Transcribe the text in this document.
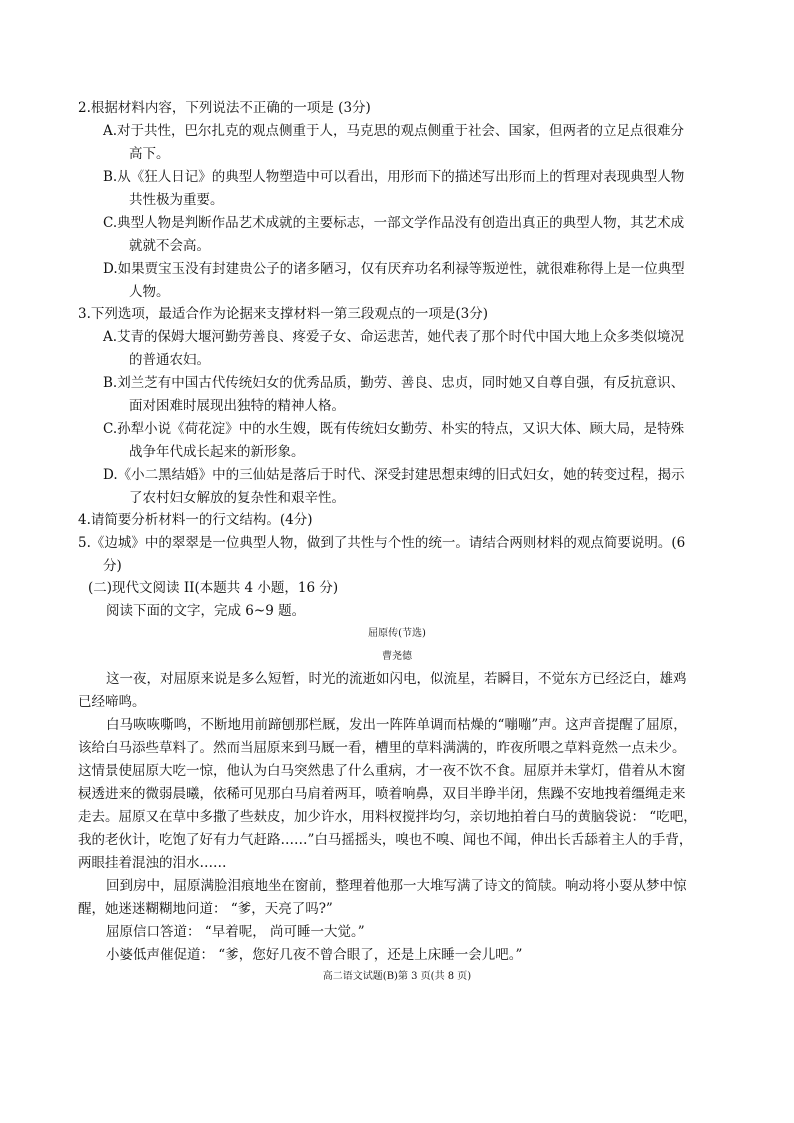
2.根据材料内容，下列说法不正确的一项是 (3分)
A.对于共性，巴尔扎克的观点侧重于人，马克思的观点侧重于社会、国家，但两者的立足点很难分
高下。
B.从《狂人日记》的典型人物塑造中可以看出，用形而下的描述写出形而上的哲理对表现典型人物
共性极为重要。
C.典型人物是判断作品艺术成就的主要标志，一部文学作品没有创造出真正的典型人物，其艺术成
就就不会高。
D.如果贾宝玉没有封建贵公子的诸多陋习，仅有厌弃功名利禄等叛逆性，就很难称得上是一位典型
人物。
3.下列选项，最适合作为论据来支撑材料一第三段观点的一项是(3分)
A.艾青的保姆大堰河勤劳善良、疼爱子女、命运悲苦，她代表了那个时代中国大地上众多类似境况
的普通农妇。
B.刘兰芝有中国古代传统妇女的优秀品质，勤劳、善良、忠贞，同时她又自尊自强，有反抗意识、
面对困难时展现出独特的精神人格。
C.孙犁小说《荷花淀》中的水生嫂，既有传统妇女勤劳、朴实的特点，又识大体、顾大局，是特殊
战争年代成长起来的新形象。
D.《小二黑结婚》中的三仙姑是落后于时代、深受封建思想束缚的旧式妇女，她的转变过程，揭示
了农村妇女解放的复杂性和艰辛性。
4.请简要分析材料一的行文结构。(4分)
5.《边城》中的翠翠是一位典型人物，做到了共性与个性的统一。请结合两则材料的观点简要说明。(6
分)
(二)现代文阅读 II(本题共 4 小题，16 分)
阅读下面的文字，完成 6~9 题。
屈原传(节选)
曹尧德
这一夜，对屈原来说是多么短暂，时光的流逝如闪电，似流星，若瞬目，不觉东方已经泛白，雄鸡
已经啼鸣。
白马咴咴嘶鸣，不断地用前蹄刨那栏厩，发出一阵阵单调而枯燥的“嘣嘣”声。这声音提醒了屈原，
该给白马添些草料了。然而当屈原来到马厩一看，槽里的草料满满的，昨夜所喂之草料竟然一点未少。
这情景使屈原大吃一惊，他认为白马突然患了什么重病，才一夜不饮不食。屈原并未掌灯，借着从木窗
棂透进来的微弱晨曦，依稀可见那白马肩着两耳，喷着响鼻，双目半睁半闭，焦躁不安地拽着缰绳走来
走去。屈原又在草中多撒了些麸皮，加少许水，用料杈搅拌均匀，亲切地拍着白马的黄脑袋说： “吃吧，
我的老伙计，吃饱了好有力气赶路……”白马摇摇头，嗅也不嗅、闻也不闻，伸出长舌舔着主人的手背，
两眼挂着混浊的泪水……
回到房中，屈原满脸泪痕地坐在窗前，整理着他那一大堆写满了诗文的简牍。响动将小耍从梦中惊
醒，她迷迷糊糊地问道： “爹，天亮了吗?”
屈原信口答道： “早着呢， 尚可睡一大觉。”
小婆低声催促道： “爹，您好几夜不曾合眼了，还是上床睡一会儿吧。”
高二语文试题(B)第 3 页(共 8 页)
